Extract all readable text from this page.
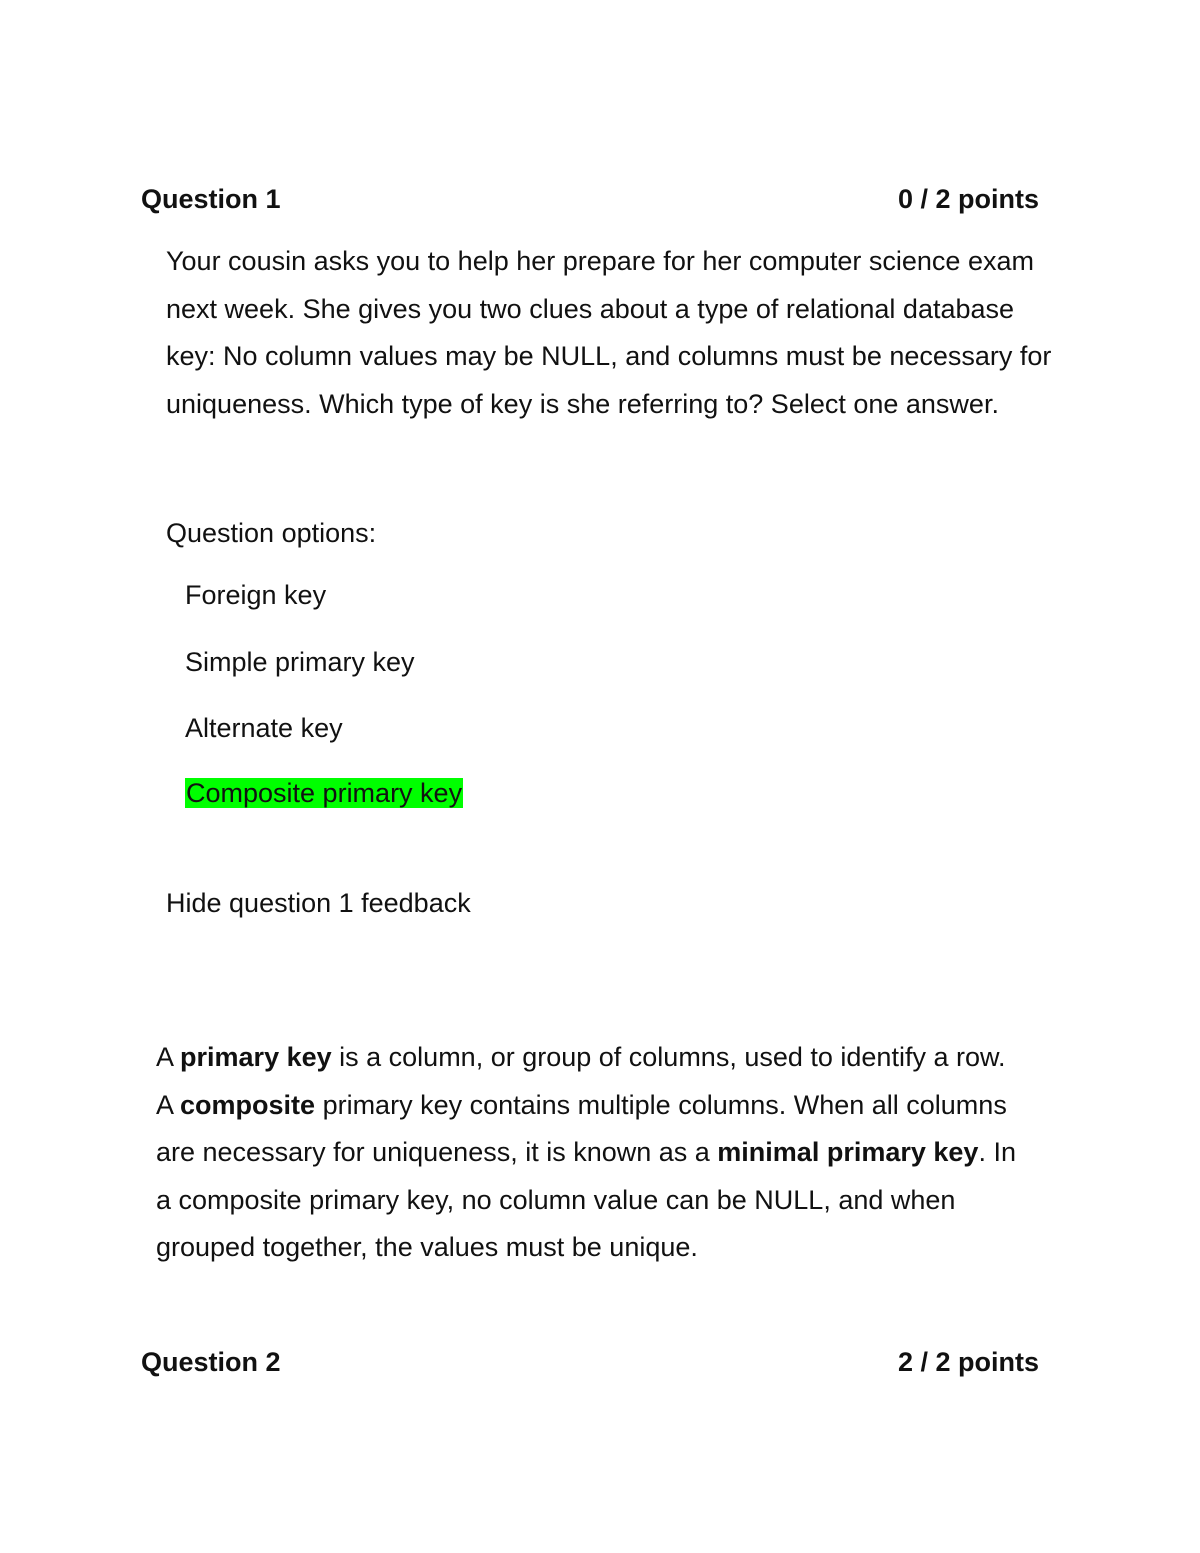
Question 1	0 / 2 points

Your cousin asks you to help her prepare for her computer science exam next week. She gives you two clues about a type of relational database key: No column values may be NULL, and columns must be necessary for uniqueness. Which type of key is she referring to? Select one answer.

Question options:

Foreign key

Simple primary key

Alternate key

Composite primary key

Hide question 1 feedback

A primary key is a column, or group of columns, used to identify a row. A composite primary key contains multiple columns. When all columns are necessary for uniqueness, it is known as a minimal primary key. In a composite primary key, no column value can be NULL, and when grouped together, the values must be unique.

Question 2	2 / 2 points
